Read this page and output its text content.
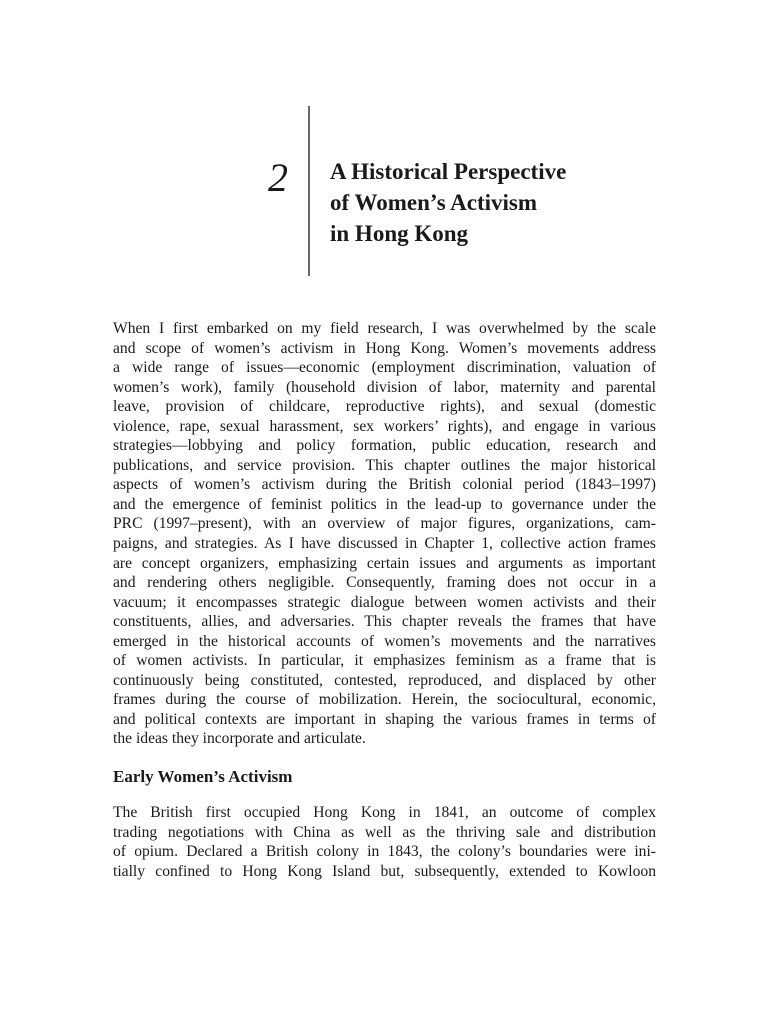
2 A Historical Perspective
of Women’s Activism
in Hong Kong

When I first embarked on my field research, I was overwhelmed by the scale
and scope of women’s activism in Hong Kong. Women’s movements address
a wide range of issues—economic (employment discrimination, valuation of
women’s work), family (household division of labor, maternity and parental
leave, provision of childcare, reproductive rights), and sexual (domestic
violence, rape, sexual harassment, sex workers’ rights), and engage in various
strategies—lobbying and policy formation, public education, research and
publications, and service provision. This chapter outlines the major historical
aspects of women’s activism during the British colonial period (1843–1997)
and the emergence of feminist politics in the lead-up to governance under the
PRC (1997–present), with an overview of major figures, organizations, cam-
paigns, and strategies. As I have discussed in Chapter 1, collective action frames
are concept organizers, emphasizing certain issues and arguments as important
and rendering others negligible. Consequently, framing does not occur in a
vacuum; it encompasses strategic dialogue between women activists and their
constituents, allies, and adversaries. This chapter reveals the frames that have
emerged in the historical accounts of women’s movements and the narratives
of women activists. In particular, it emphasizes feminism as a frame that is
continuously being constituted, contested, reproduced, and displaced by other
frames during the course of mobilization. Herein, the sociocultural, economic,
and political contexts are important in shaping the various frames in terms of
the ideas they incorporate and articulate.

Early Women’s Activism

The British first occupied Hong Kong in 1841, an outcome of complex
trading negotiations with China as well as the thriving sale and distribution
of opium. Declared a British colony in 1843, the colony’s boundaries were ini-
tially confined to Hong Kong Island but, subsequently, extended to Kowloon
